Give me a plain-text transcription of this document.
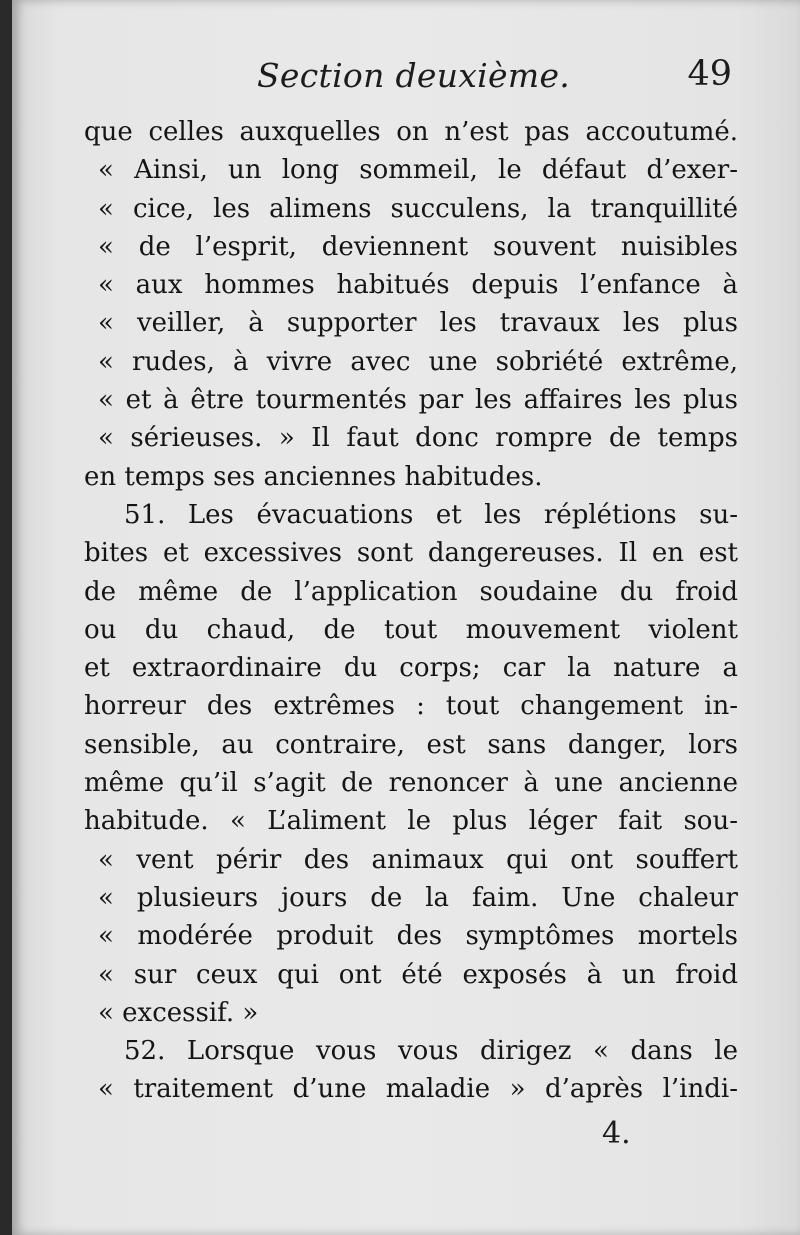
Section deuxième.	49
que celles auxquelles on n’est pas accoutumé.
« Ainsi, un long sommeil, le défaut d’exer-
« cice, les alimens succulens, la tranquillité
« de l’esprit, deviennent souvent nuisibles
« aux hommes habitués depuis l’enfance à
« veiller, à supporter les travaux les plus
« rudes, à vivre avec une sobriété extrême,
« et à être tourmentés par les affaires les plus
« sérieuses. » Il faut donc rompre de temps
en temps ses anciennes habitudes.
51. Les évacuations et les réplétions su-
bites et excessives sont dangereuses. Il en est
de même de l’application soudaine du froid
ou du chaud, de tout mouvement violent
et extraordinaire du corps; car la nature a
horreur des extrêmes : tout changement in-
sensible, au contraire, est sans danger, lors
même qu’il s’agit de renoncer à une ancienne
habitude. « L’aliment le plus léger fait sou-
« vent périr des animaux qui ont souffert
« plusieurs jours de la faim. Une chaleur
« modérée produit des symptômes mortels
« sur ceux qui ont été exposés à un froid
« excessif. »
52. Lorsque vous vous dirigez « dans le
« traitement d’une maladie » d’après l’indi-
4.
